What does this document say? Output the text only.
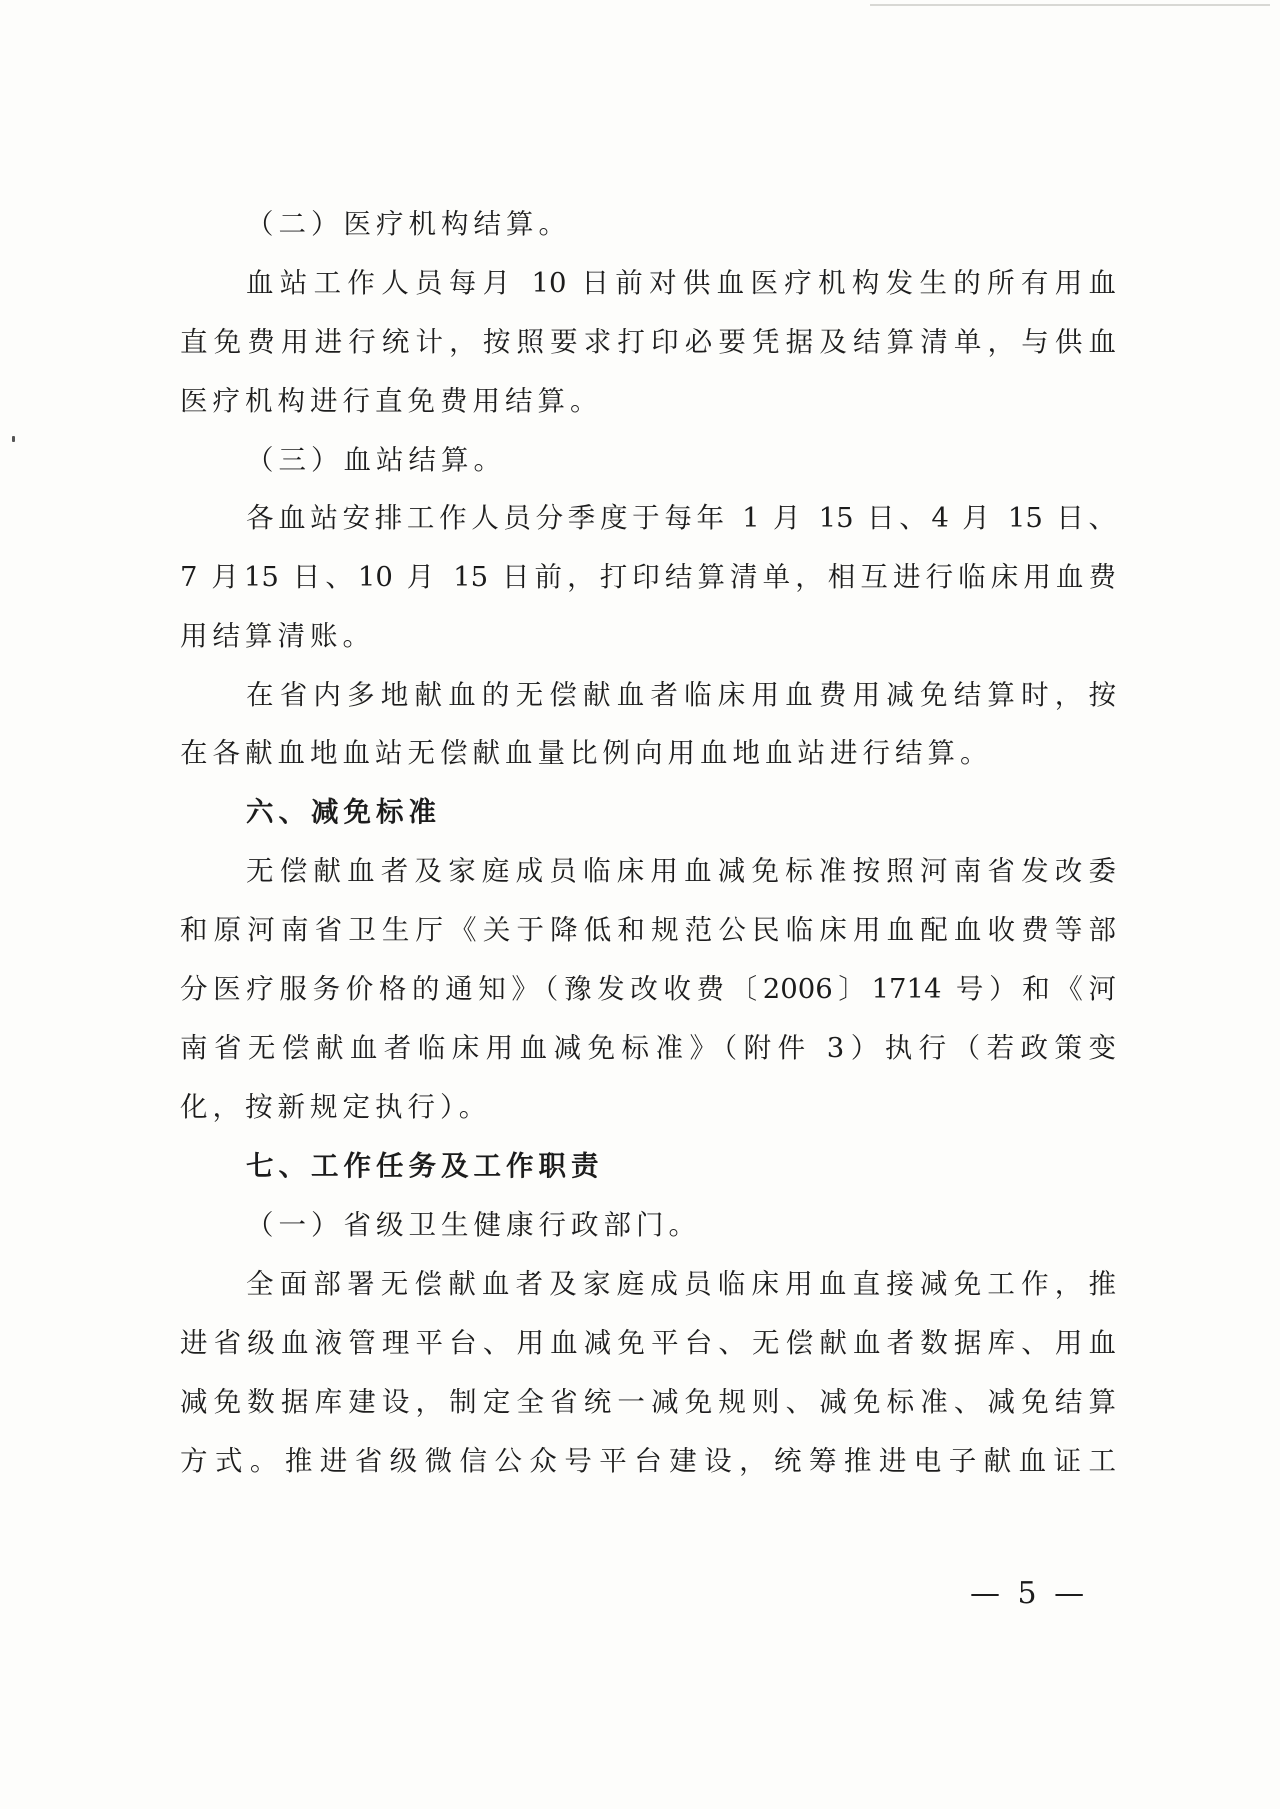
（二）医疗机构结算。
血站工作人员每月 10 日前对供血医疗机构发生的所有用血
直免费用进行统计，按照要求打印必要凭据及结算清单，与供血
医疗机构进行直免费用结算。
（三）血站结算。
各血站安排工作人员分季度于每年 1 月 15 日、4 月 15 日、
7 月15 日、10 月 15 日前，打印结算清单，相互进行临床用血费
用结算清账。
在省内多地献血的无偿献血者临床用血费用减免结算时，按
在各献血地血站无偿献血量比例向用血地血站进行结算。
六、减免标准
无偿献血者及家庭成员临床用血减免标准按照河南省发改委
和原河南省卫生厅《关于降低和规范公民临床用血配血收费等部
分医疗服务价格的通知》（豫发改收费〔2006〕1714 号）和《河
南省无偿献血者临床用血减免标准》（附件 3）执行（若政策变
化，按新规定执行）。
七、工作任务及工作职责
（一）省级卫生健康行政部门。
全面部署无偿献血者及家庭成员临床用血直接减免工作，推
进省级血液管理平台、用血减免平台、无偿献血者数据库、用血
减免数据库建设，制定全省统一减免规则、减免标准、减免结算
方式。推进省级微信公众号平台建设，统筹推进电子献血证工
— 5 —
